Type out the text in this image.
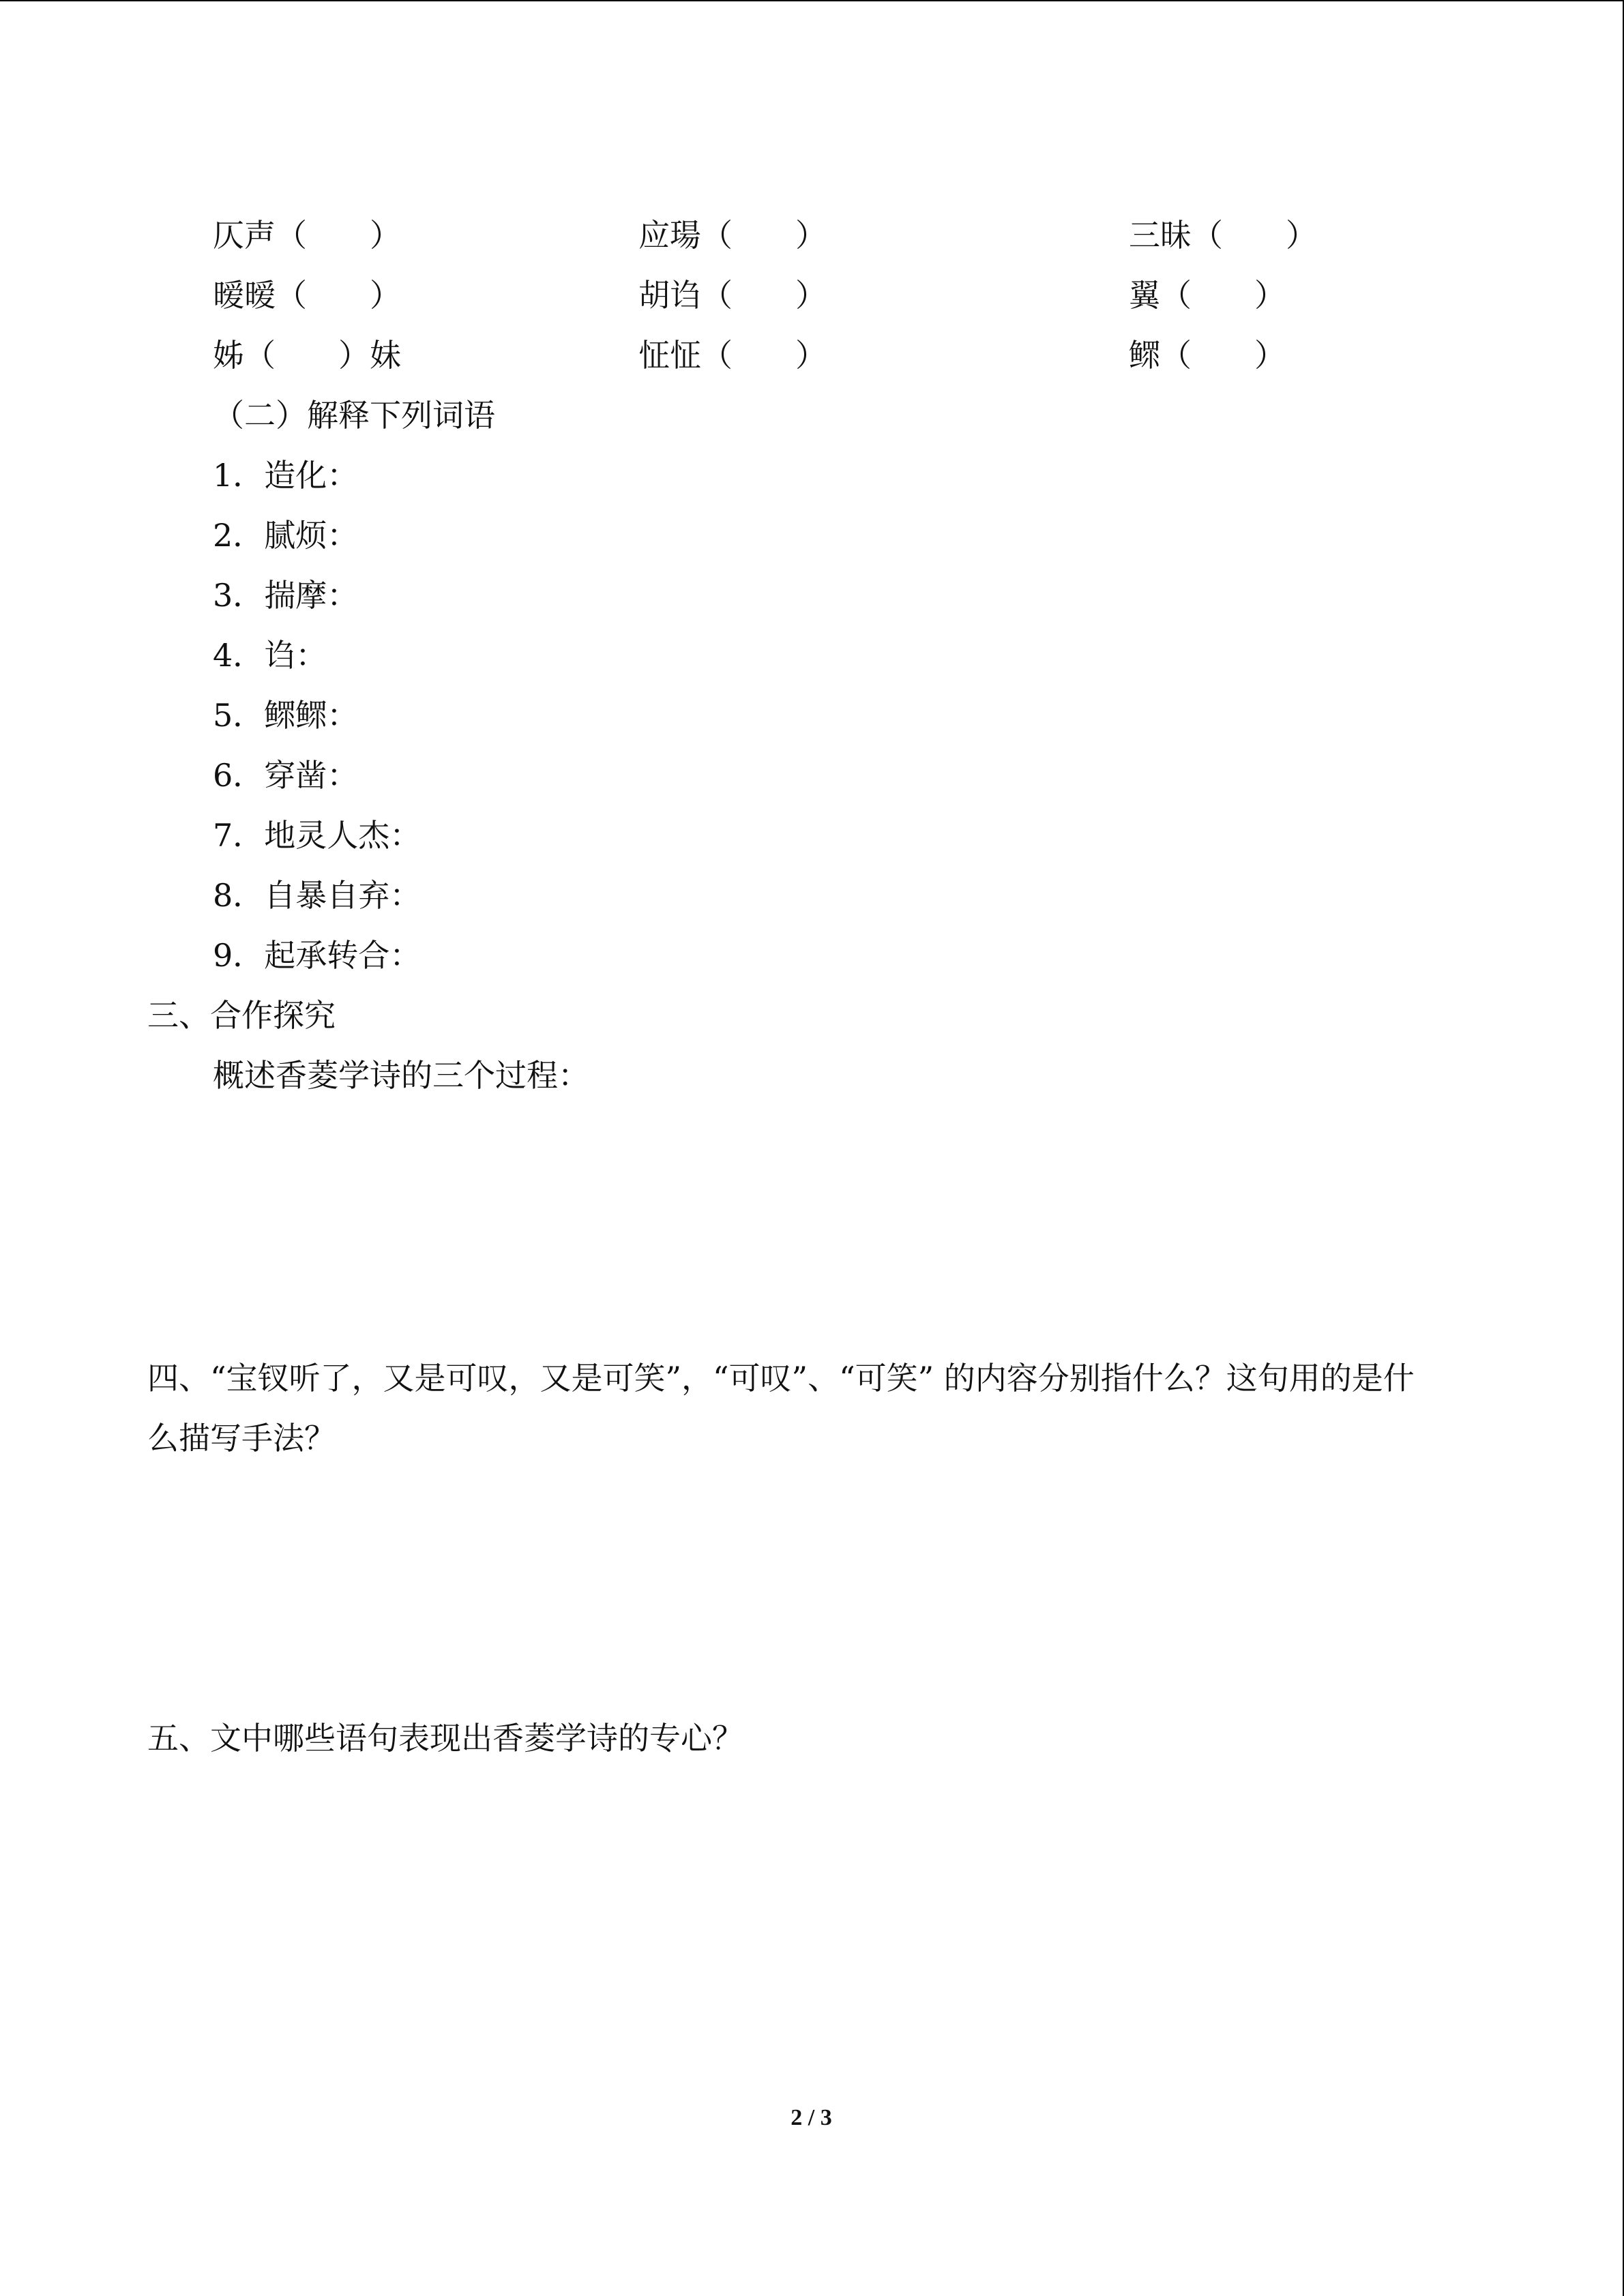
仄声（　　）	应瑒（　　）	三昧（　　）
暧暧（　　）	胡诌（　　）	翼（　　）
姊（　　）妹	怔怔（　　）	鳏（　　）
（二）解释下列词语
1．造化：
2．腻烦：
3．揣摩：
4．诌：
5．鳏鳏：
6．穿凿：
7．地灵人杰：
8．自暴自弃：
9．起承转合：
三、合作探究
概述香菱学诗的三个过程：
四、“宝钗听了，又是可叹，又是可笑”，“可叹”、“可笑” 的内容分别指什么？这句用的是什
么描写手法？
五、文中哪些语句表现出香菱学诗的专心？
2 / 3
